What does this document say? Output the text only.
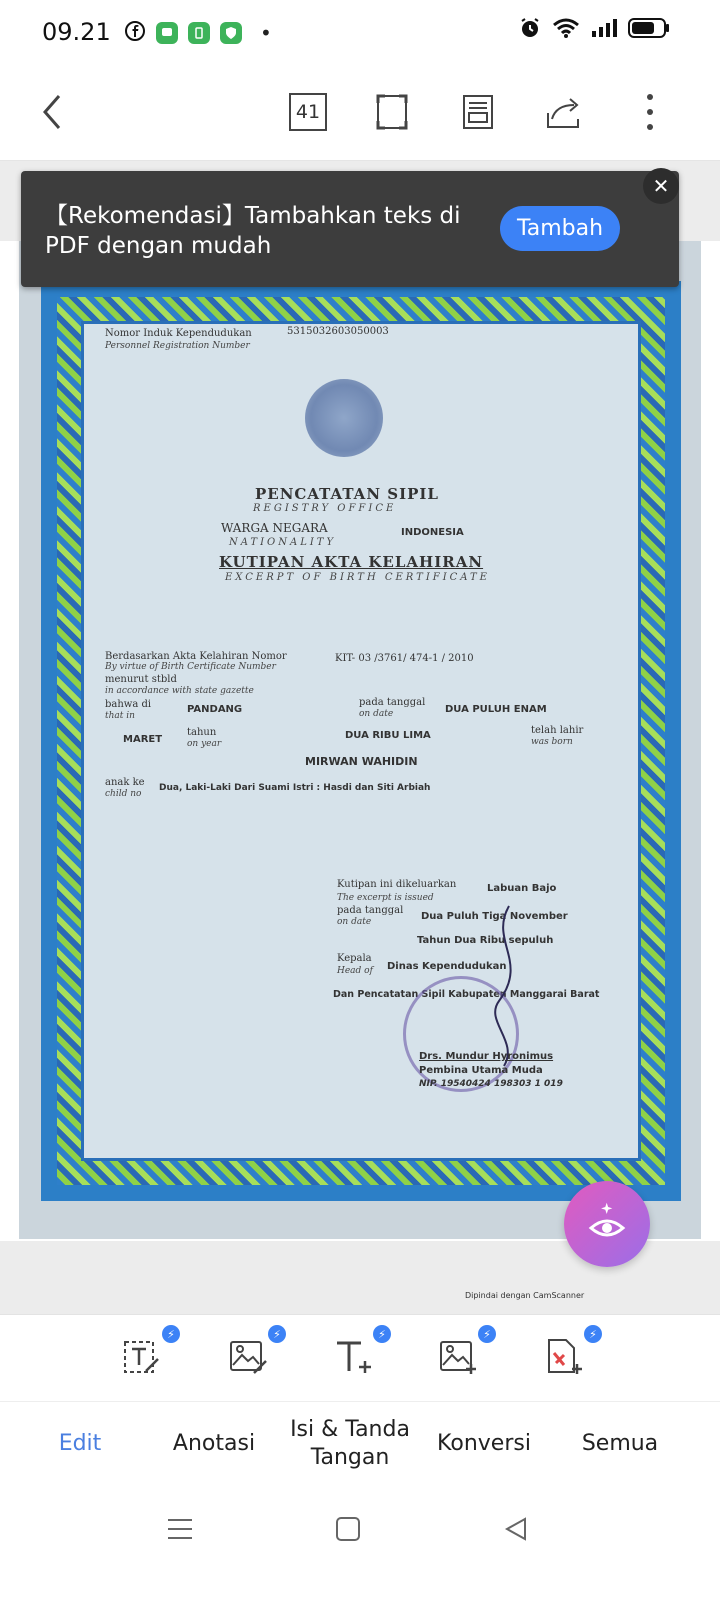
09.21	•
41
Nomor Induk Kependudukan
Personnel Registration Number
5315032603050003
PENCATATAN SIPIL
REGISTRY OFFICE
WARGA NEGARA
NATIONALITY
INDONESIA
KUTIPAN AKTA KELAHIRAN
EXCERPT OF BIRTH CERTIFICATE
Berdasarkan Akta Kelahiran Nomor
By virtue of Birth Certificate Number
KIT- 03 /3761/ 474-1 / 2010
menurut stbld
in accordance with state gazette
bahwa di
that in
PANDANG
pada tanggal
on date	DUA PULUH ENAM
MARET
tahun
on year
DUA RIBU LIMA	telah lahir
was born
MIRWAN WAHIDIN
anak ke
child no
Dua, Laki-Laki Dari Suami Istri : Hasdi dan Siti Arbiah
Kutipan ini dikeluarkan
The excerpt is issued
Labuan Bajo
pada tanggal
on date	Dua Puluh Tiga November
Tahun Dua Ribu sepuluh
Kepala
Head of Dinas Kependudukan
Dan Pencatatan Sipil Kabupaten Manggarai Barat
Drs. Mundur Hyronimus
Pembina Utama Muda
NIP. 19540424 198303 1 019
Dipindai dengan CamScanner
【Rekomendasi】Tambahkan teks di PDF dengan mudah
Tambah
✕
⚡	⚡	⚡	⚡	⚡
Edit	Anotasi
Isi & Tanda Tangan
Konversi	Semua
